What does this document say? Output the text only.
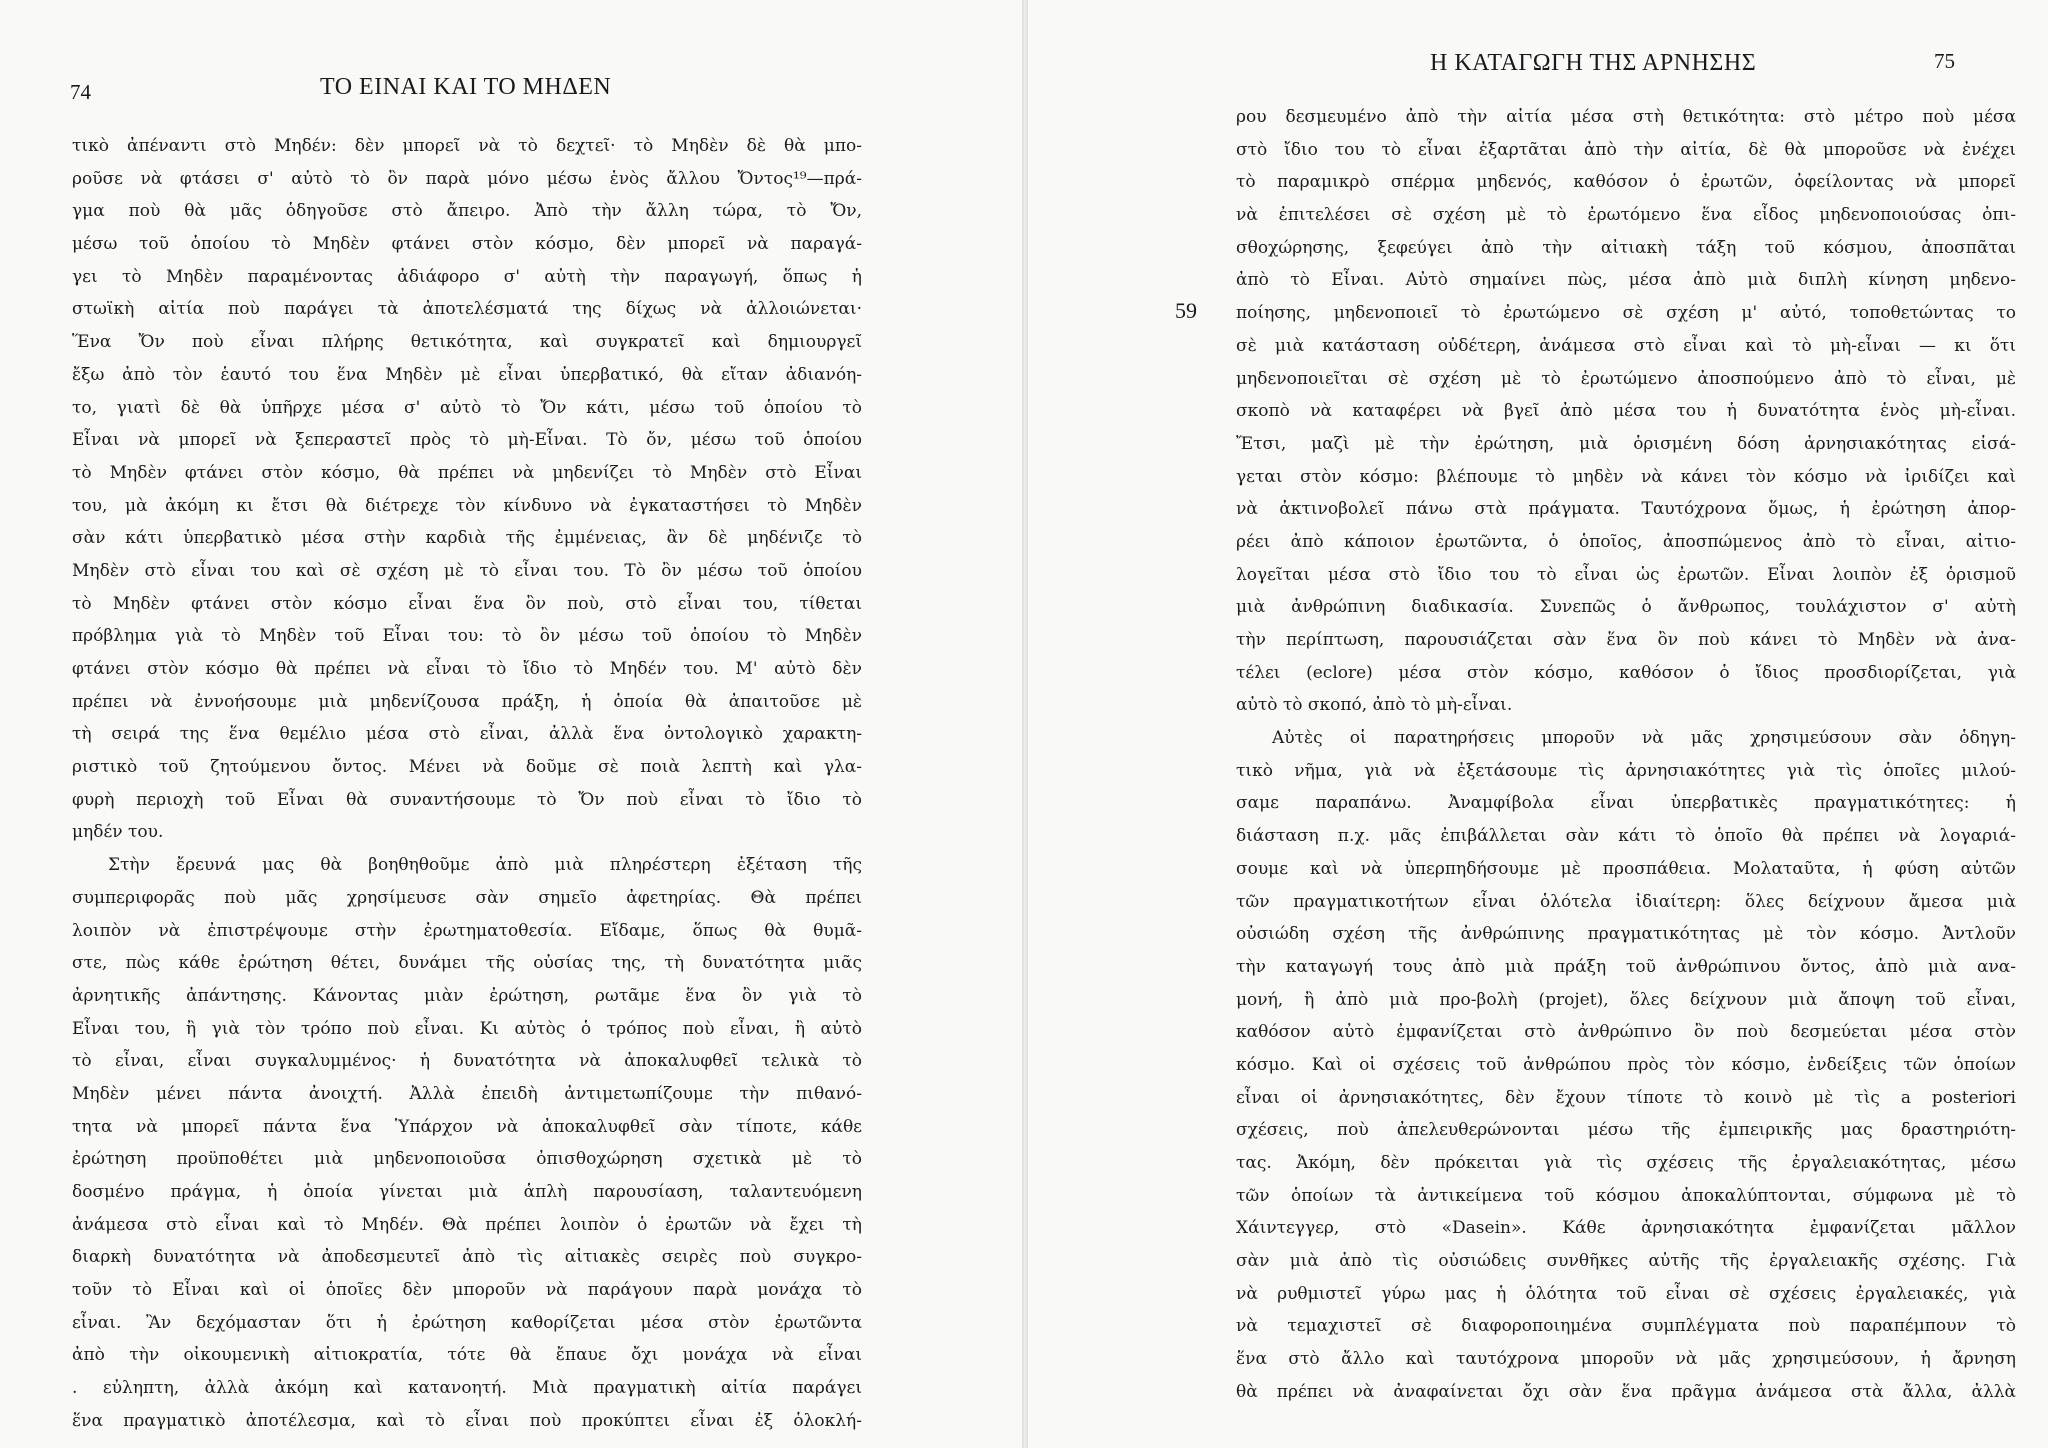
74	ΤΟ ΕΙΝΑΙ ΚΑΙ ΤΟ ΜΗΔΕΝ
τικὸ ἀπέναντι στὸ Μηδέν: δὲν μπορεῖ νὰ τὸ δεχτεῖ· τὸ Μηδὲν δὲ θὰ μπο-
ροῦσε νὰ φτάσει σ' αὐτὸ τὸ ὂν παρὰ μόνο μέσω ἑνὸς ἄλλου Ὄντος¹⁹—πρά-
γμα ποὺ θὰ μᾶς ὁδηγοῦσε στὸ ἄπειρο. Ἀπὸ τὴν ἄλλη τώρα, τὸ Ὄν,
μέσω τοῦ ὁποίου τὸ Μηδὲν φτάνει στὸν κόσμο, δὲν μπορεῖ νὰ παραγά-
γει τὸ Μηδὲν παραμένοντας ἀδιάφορο σ' αὐτὴ τὴν παραγωγή, ὅπως ἡ
στωϊκὴ αἰτία ποὺ παράγει τὰ ἀποτελέσματά της δίχως νὰ ἀλλοιώνεται·
Ἕνα Ὄν ποὺ εἶναι πλήρης θετικότητα, καὶ συγκρατεῖ καὶ δημιουργεῖ
ἔξω ἀπὸ τὸν ἑαυτό του ἕνα Μηδὲν μὲ εἶναι ὑπερβατικό, θὰ εἴταν ἀδιανόη-
το, γιατὶ δὲ θὰ ὑπῆρχε μέσα σ' αὐτὸ τὸ Ὄν κάτι, μέσω τοῦ ὁποίου τὸ
Εἶναι νὰ μπορεῖ νὰ ξεπεραστεῖ πρὸς τὸ μὴ-Εἶναι. Τὸ ὄν, μέσω τοῦ ὁποίου
τὸ Μηδὲν φτάνει στὸν κόσμο, θὰ πρέπει νὰ μηδενίζει τὸ Μηδὲν στὸ Εἶναι
του, μὰ ἀκόμη κι ἔτσι θὰ διέτρεχε τὸν κίνδυνο νὰ ἐγκαταστήσει τὸ Μηδὲν
σὰν κάτι ὑπερβατικὸ μέσα στὴν καρδιὰ τῆς ἐμμένειας, ἂν δὲ μηδένιζε τὸ
Μηδὲν στὸ εἶναι του καὶ σὲ σχέση μὲ τὸ εἶναι του. Τὸ ὂν μέσω τοῦ ὁποίου
τὸ Μηδὲν φτάνει στὸν κόσμο εἶναι ἕνα ὂν ποὺ, στὸ εἶναι του, τίθεται
πρόβλημα γιὰ τὸ Μηδὲν τοῦ Εἶναι του: τὸ ὂν μέσω τοῦ ὁποίου τὸ Μηδὲν
φτάνει στὸν κόσμο θὰ πρέπει νὰ εἶναι τὸ ἴδιο τὸ Μηδέν του. Μ' αὐτὸ δὲν
πρέπει νὰ ἐννοήσουμε μιὰ μηδενίζουσα πράξη, ἡ ὁποία θὰ ἀπαιτοῦσε μὲ
τὴ σειρά της ἕνα θεμέλιο μέσα στὸ εἶναι, ἀλλὰ ἕνα ὀντολογικὸ χαρακτη-
ριστικὸ τοῦ ζητούμενου ὄντος. Μένει νὰ δοῦμε σὲ ποιὰ λεπτὴ καὶ γλα-
φυρὴ περιοχὴ τοῦ Εἶναι θὰ συναντήσουμε τὸ Ὄν ποὺ εἶναι τὸ ἴδιο τὸ
μηδέν του.
Στὴν ἔρευνά μας θὰ βοηθηθοῦμε ἀπὸ μιὰ πληρέστερη ἐξέταση τῆς
συμπεριφορᾶς ποὺ μᾶς χρησίμευσε σὰν σημεῖο ἀφετηρίας. Θὰ πρέπει
λοιπὸν νὰ ἐπιστρέψουμε στὴν ἐρωτηματοθεσία. Εἴδαμε, ὅπως θὰ θυμᾶ-
στε, πὼς κάθε ἐρώτηση θέτει, δυνάμει τῆς οὐσίας της, τὴ δυνατότητα μιᾶς
ἀρνητικῆς ἀπάντησης. Κάνοντας μιὰν ἐρώτηση, ρωτᾶμε ἕνα ὂν γιὰ τὸ
Εἶναι του, ἢ γιὰ τὸν τρόπο ποὺ εἶναι. Κι αὐτὸς ὁ τρόπος ποὺ εἶναι, ἢ αὐτὸ
τὸ εἶναι, εἶναι συγκαλυμμένος· ἡ δυνατότητα νὰ ἀποκαλυφθεῖ τελικὰ τὸ
Μηδὲν μένει πάντα ἀνοιχτή. Ἀλλὰ ἐπειδὴ ἀντιμετωπίζουμε τὴν πιθανό-
τητα νὰ μπορεῖ πάντα ἕνα Ὑπάρχον νὰ ἀποκαλυφθεῖ σὰν τίποτε, κάθε
ἐρώτηση προϋποθέτει μιὰ μηδενοποιοῦσα ὀπισθοχώρηση σχετικὰ μὲ τὸ
δοσμένο πράγμα, ἡ ὁποία γίνεται μιὰ ἁπλὴ παρουσίαση, ταλαντευόμενη
ἀνάμεσα στὸ εἶναι καὶ τὸ Μηδέν. Θὰ πρέπει λοιπὸν ὁ ἐρωτῶν νὰ ἔχει τὴ
διαρκὴ δυνατότητα νὰ ἀποδεσμευτεῖ ἀπὸ τὶς αἰτιακὲς σειρὲς ποὺ συγκρο-
τοῦν τὸ Εἶναι καὶ οἱ ὁποῖες δὲν μποροῦν νὰ παράγουν παρὰ μονάχα τὸ
εἶναι. Ἂν δεχόμασταν ὅτι ἡ ἐρώτηση καθορίζεται μέσα στὸν ἐρωτῶντα
ἀπὸ τὴν οἰκουμενικὴ αἰτιοκρατία, τότε θὰ ἔπαυε ὄχι μονάχα νὰ εἶναι
. εὐληπτη, ἀλλὰ ἀκόμη καὶ κατανοητή. Μιὰ πραγματικὴ αἰτία παράγει
ἕνα πραγματικὸ ἀποτέλεσμα, καὶ τὸ εἶναι ποὺ προκύπτει εἶναι ἐξ ὁλοκλή-
Η ΚΑΤΑΓΩΓΗ ΤΗΣ ΑΡΝΗΣΗΣ	75
59
ρου δεσμευμένο ἀπὸ τὴν αἰτία μέσα στὴ θετικότητα: στὸ μέτρο ποὺ μέσα
στὸ ἴδιο του τὸ εἶναι ἐξαρτᾶται ἀπὸ τὴν αἰτία, δὲ θὰ μποροῦσε νὰ ἐνέχει
τὸ παραμικρὸ σπέρμα μηδενός, καθόσον ὁ ἐρωτῶν, ὀφείλοντας νὰ μπορεῖ
νὰ ἐπιτελέσει σὲ σχέση μὲ τὸ ἐρωτόμενο ἕνα εἶδος μηδενοποιούσας ὀπι-
σθοχώρησης, ξεφεύγει ἀπὸ τὴν αἰτιακὴ τάξη τοῦ κόσμου, ἀποσπᾶται
ἀπὸ τὸ Εἶναι. Αὐτὸ σημαίνει πὼς, μέσα ἀπὸ μιὰ διπλὴ κίνηση μηδενο-
ποίησης, μηδενοποιεῖ τὸ ἐρωτώμενο σὲ σχέση μ' αὐτό, τοποθετώντας το
σὲ μιὰ κατάσταση οὐδέτερη, ἀνάμεσα στὸ εἶναι καὶ τὸ μὴ-εἶναι — κι ὅτι
μηδενοποιεῖται σὲ σχέση μὲ τὸ ἐρωτώμενο ἀποσπούμενο ἀπὸ τὸ εἶναι, μὲ
σκοπὸ νὰ καταφέρει νὰ βγεῖ ἀπὸ μέσα του ἡ δυνατότητα ἑνὸς μὴ-εἶναι.
Ἔτσι, μαζὶ μὲ τὴν ἐρώτηση, μιὰ ὁρισμένη δόση ἀρνησιακότητας εἰσά-
γεται στὸν κόσμο: βλέπουμε τὸ μηδὲν νὰ κάνει τὸν κόσμο νὰ ἰριδίζει καὶ
νὰ ἀκτινοβολεῖ πάνω στὰ πράγματα. Ταυτόχρονα ὅμως, ἡ ἐρώτηση ἀπορ-
ρέει ἀπὸ κάποιον ἐρωτῶντα, ὁ ὁποῖος, ἀποσπώμενος ἀπὸ τὸ εἶναι, αἰτιο-
λογεῖται μέσα στὸ ἴδιο του τὸ εἶναι ὡς ἐρωτῶν. Εἶναι λοιπὸν ἐξ ὁρισμοῦ
μιὰ ἀνθρώπινη διαδικασία. Συνεπῶς ὁ ἄνθρωπος, τουλάχιστον σ' αὐτὴ
τὴν περίπτωση, παρουσιάζεται σὰν ἕνα ὂν ποὺ κάνει τὸ Μηδὲν νὰ ἀνα-
τέλει (eclore) μέσα στὸν κόσμο, καθόσον ὁ ἴδιος προσδιορίζεται, γιὰ
αὐτὸ τὸ σκοπό, ἀπὸ τὸ μὴ-εἶναι.
Αὐτὲς οἱ παρατηρήσεις μποροῦν νὰ μᾶς χρησιμεύσουν σὰν ὁδηγη-
τικὸ νῆμα, γιὰ νὰ ἐξετάσουμε τὶς ἀρνησιακότητες γιὰ τὶς ὁποῖες μιλού-
σαμε παραπάνω. Ἀναμφίβολα εἶναι ὑπερβατικὲς πραγματικότητες: ἡ
διάσταση π.χ. μᾶς ἐπιβάλλεται σὰν κάτι τὸ ὁποῖο θὰ πρέπει νὰ λογαριά-
σουμε καὶ νὰ ὑπερπηδήσουμε μὲ προσπάθεια. Μολαταῦτα, ἡ φύση αὐτῶν
τῶν πραγματικοτήτων εἶναι ὁλότελα ἰδιαίτερη: ὅλες δείχνουν ἄμεσα μιὰ
οὐσιώδη σχέση τῆς ἀνθρώπινης πραγματικότητας μὲ τὸν κόσμο. Ἀντλοῦν
τὴν καταγωγή τους ἀπὸ μιὰ πράξη τοῦ ἀνθρώπινου ὄντος, ἀπὸ μιὰ ανα-
μονή, ἢ ἀπὸ μιὰ προ-βολὴ (projet), ὅλες δείχνουν μιὰ ἄποψη τοῦ εἶναι,
καθόσον αὐτὸ ἐμφανίζεται στὸ ἀνθρώπινο ὂν ποὺ δεσμεύεται μέσα στὸν
κόσμο. Καὶ οἱ σχέσεις τοῦ ἀνθρώπου πρὸς τὸν κόσμο, ἐνδείξεις τῶν ὁποίων
εἶναι οἱ ἀρνησιακότητες, δὲν ἔχουν τίποτε τὸ κοινὸ μὲ τὶς a posteriori
σχέσεις, ποὺ ἀπελευθερώνονται μέσω τῆς ἐμπειρικῆς μας δραστηριότη-
τας. Ἀκόμη, δὲν πρόκειται γιὰ τὶς σχέσεις τῆς ἐργαλειακότητας, μέσω
τῶν ὁποίων τὰ ἀντικείμενα τοῦ κόσμου ἀποκαλύπτονται, σύμφωνα μὲ τὸ
Χάιντεγγερ, στὸ «Dasein». Κάθε ἀρνησιακότητα ἐμφανίζεται μᾶλλον
σὰν μιὰ ἀπὸ τὶς οὐσιώδεις συνθῆκες αὐτῆς τῆς ἐργαλειακῆς σχέσης. Γιὰ
νὰ ρυθμιστεῖ γύρω μας ἡ ὁλότητα τοῦ εἶναι σὲ σχέσεις ἐργαλειακές, γιὰ
νὰ τεμαχιστεῖ σὲ διαφοροποιημένα συμπλέγματα ποὺ παραπέμπουν τὸ
ἕνα στὸ ἄλλο καὶ ταυτόχρονα μποροῦν νὰ μᾶς χρησιμεύσουν, ἡ ἄρνηση
θὰ πρέπει νὰ ἀναφαίνεται ὄχι σὰν ἕνα πρᾶγμα ἀνάμεσα στὰ ἄλλα, ἀλλὰ
